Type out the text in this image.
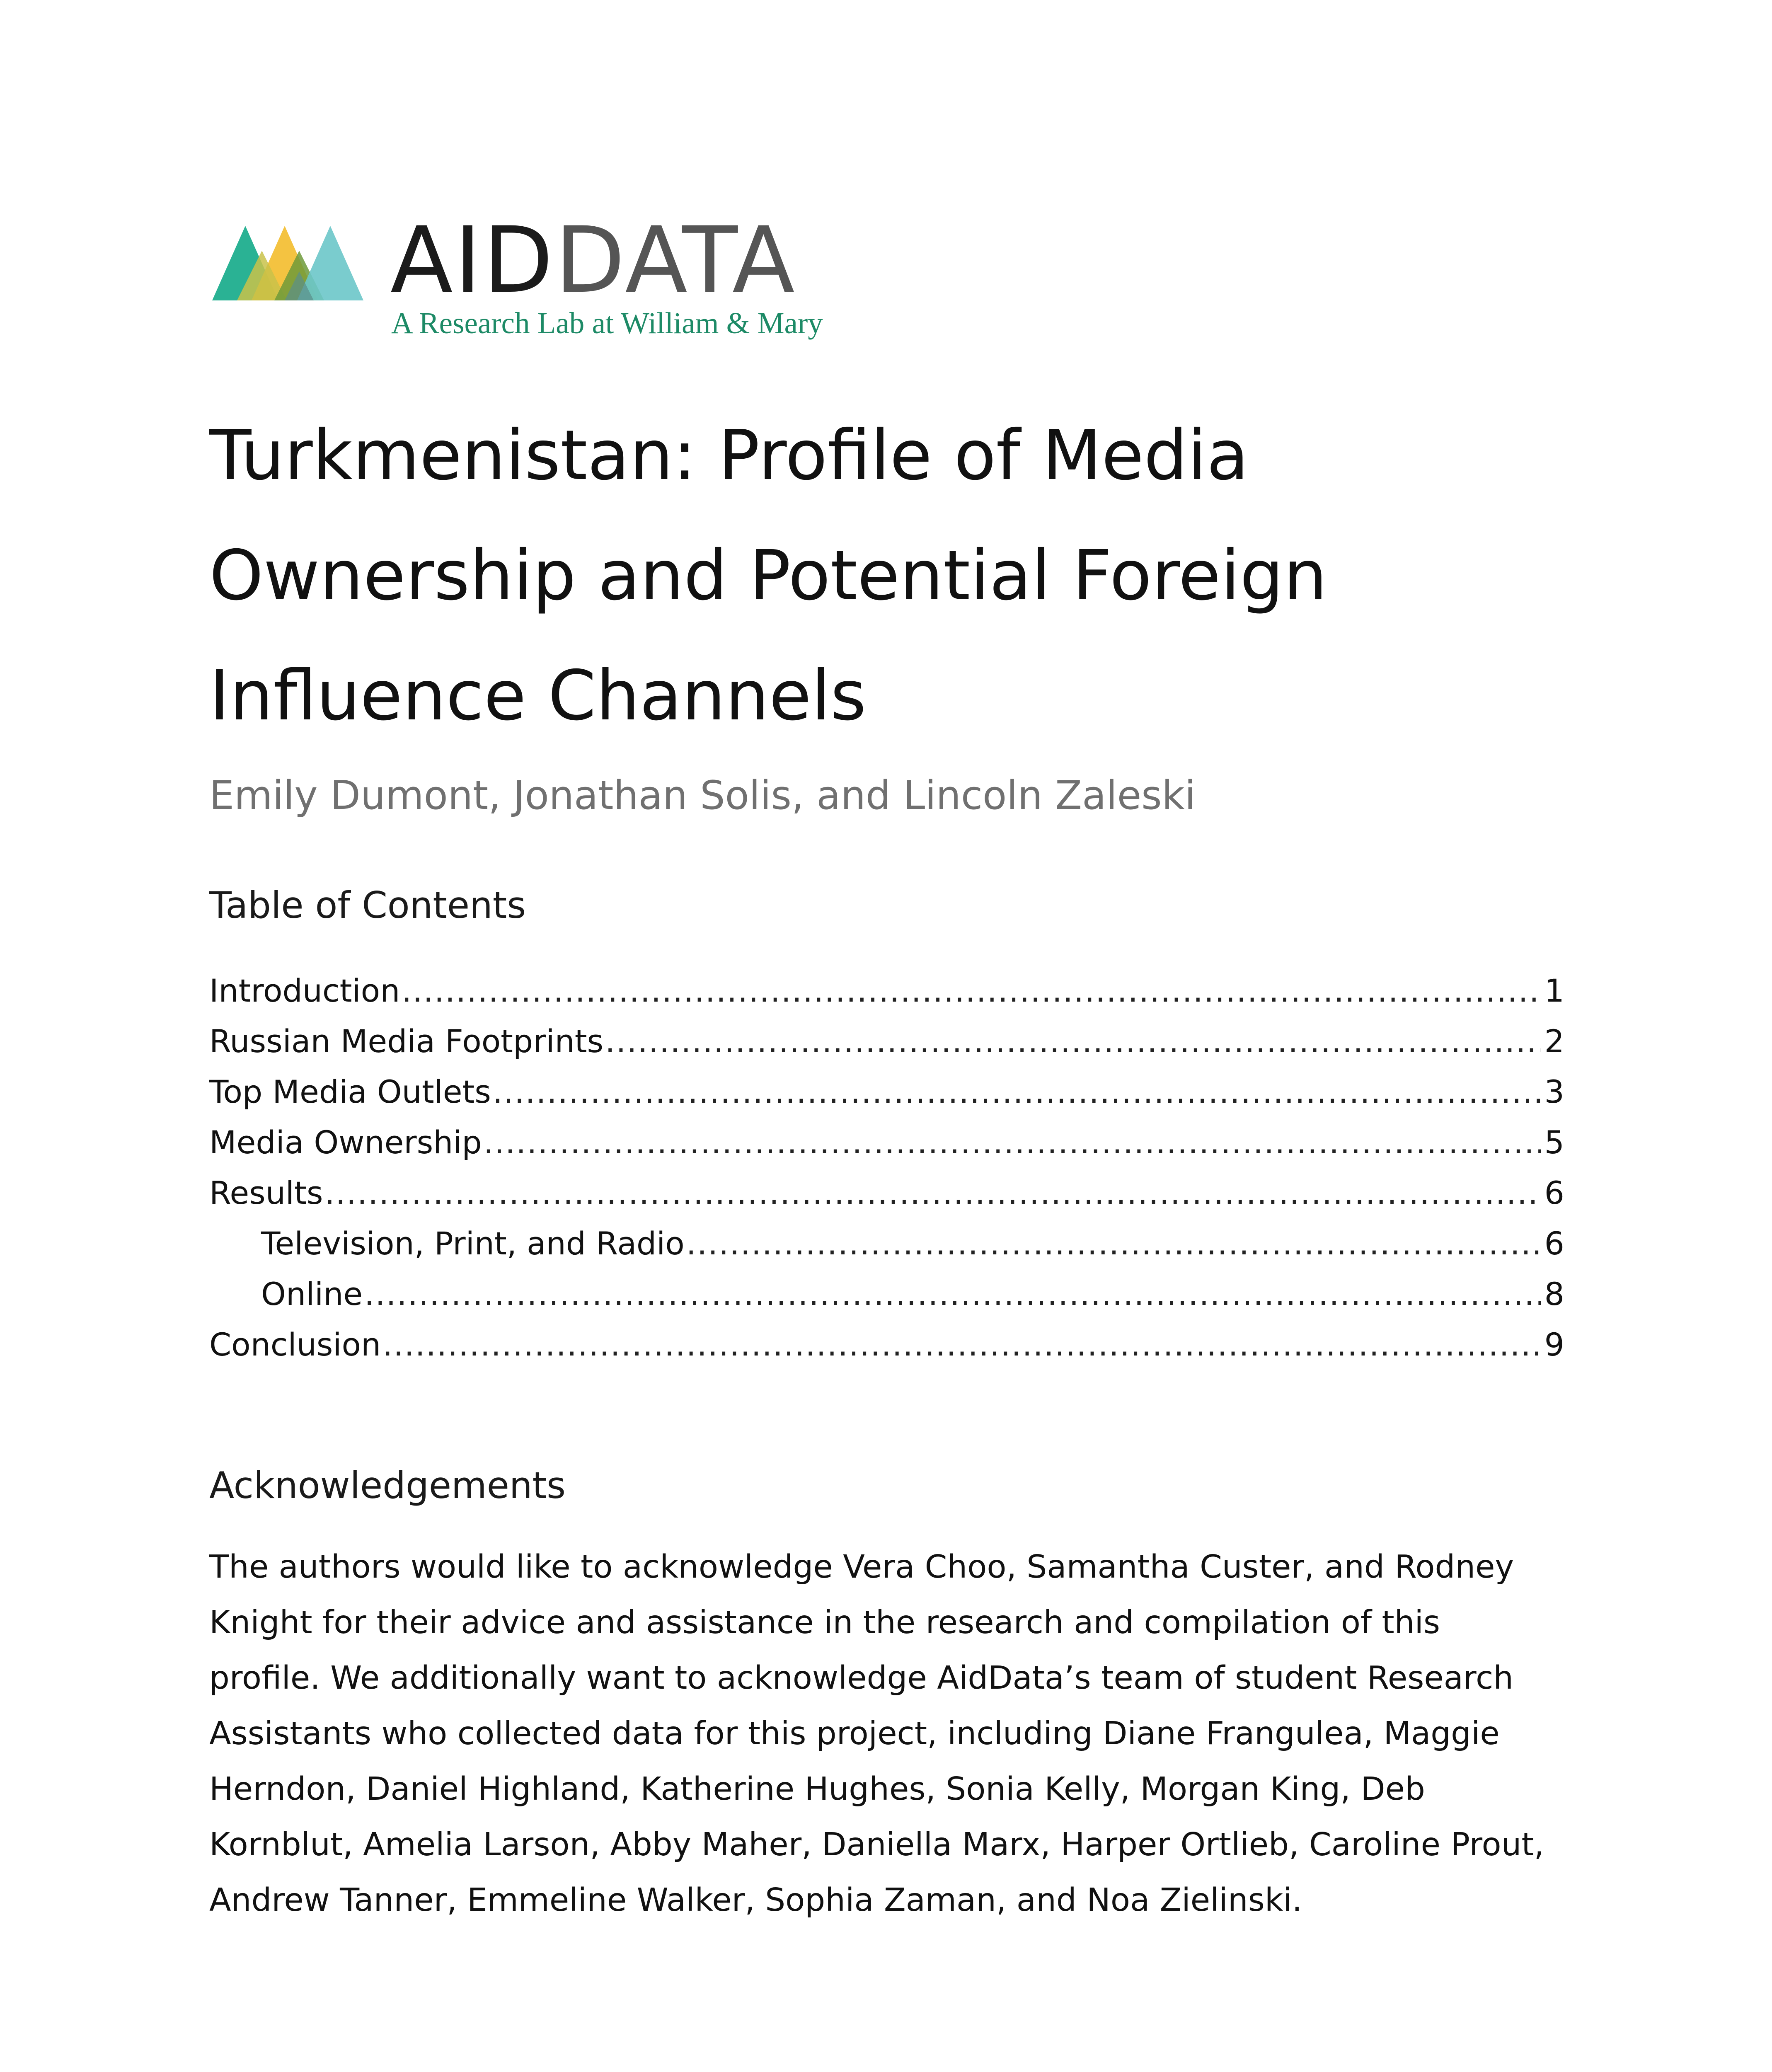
AIDDATA
A Research Lab at William & Mary
Turkmenistan: Profile of Media
Ownership and Potential Foreign
Influence Channels
Emily Dumont, Jonathan Solis, and Lincoln Zaleski
Table of Contents
Introduction .....	1
Russian Media Footprints .....	2
Top Media Outlets .....	3
Media Ownership .....	5
Results .....	6
Television, Print, and Radio .....	6
Online .....	8
Conclusion .....	9
Acknowledgements

The authors would like to acknowledge Vera Choo, Samantha Custer, and Rodney Knight for their advice and assistance in the research and compilation of this profile. We additionally want to acknowledge AidData’s team of student Research Assistants who collected data for this project, including Diane Frangulea, Maggie Herndon, Daniel Highland, Katherine Hughes, Sonia Kelly, Morgan King, Deb Kornblut, Amelia Larson, Abby Maher, Daniella Marx, Harper Ortlieb, Caroline Prout, Andrew Tanner, Emmeline Walker, Sophia Zaman, and Noa Zielinski.
